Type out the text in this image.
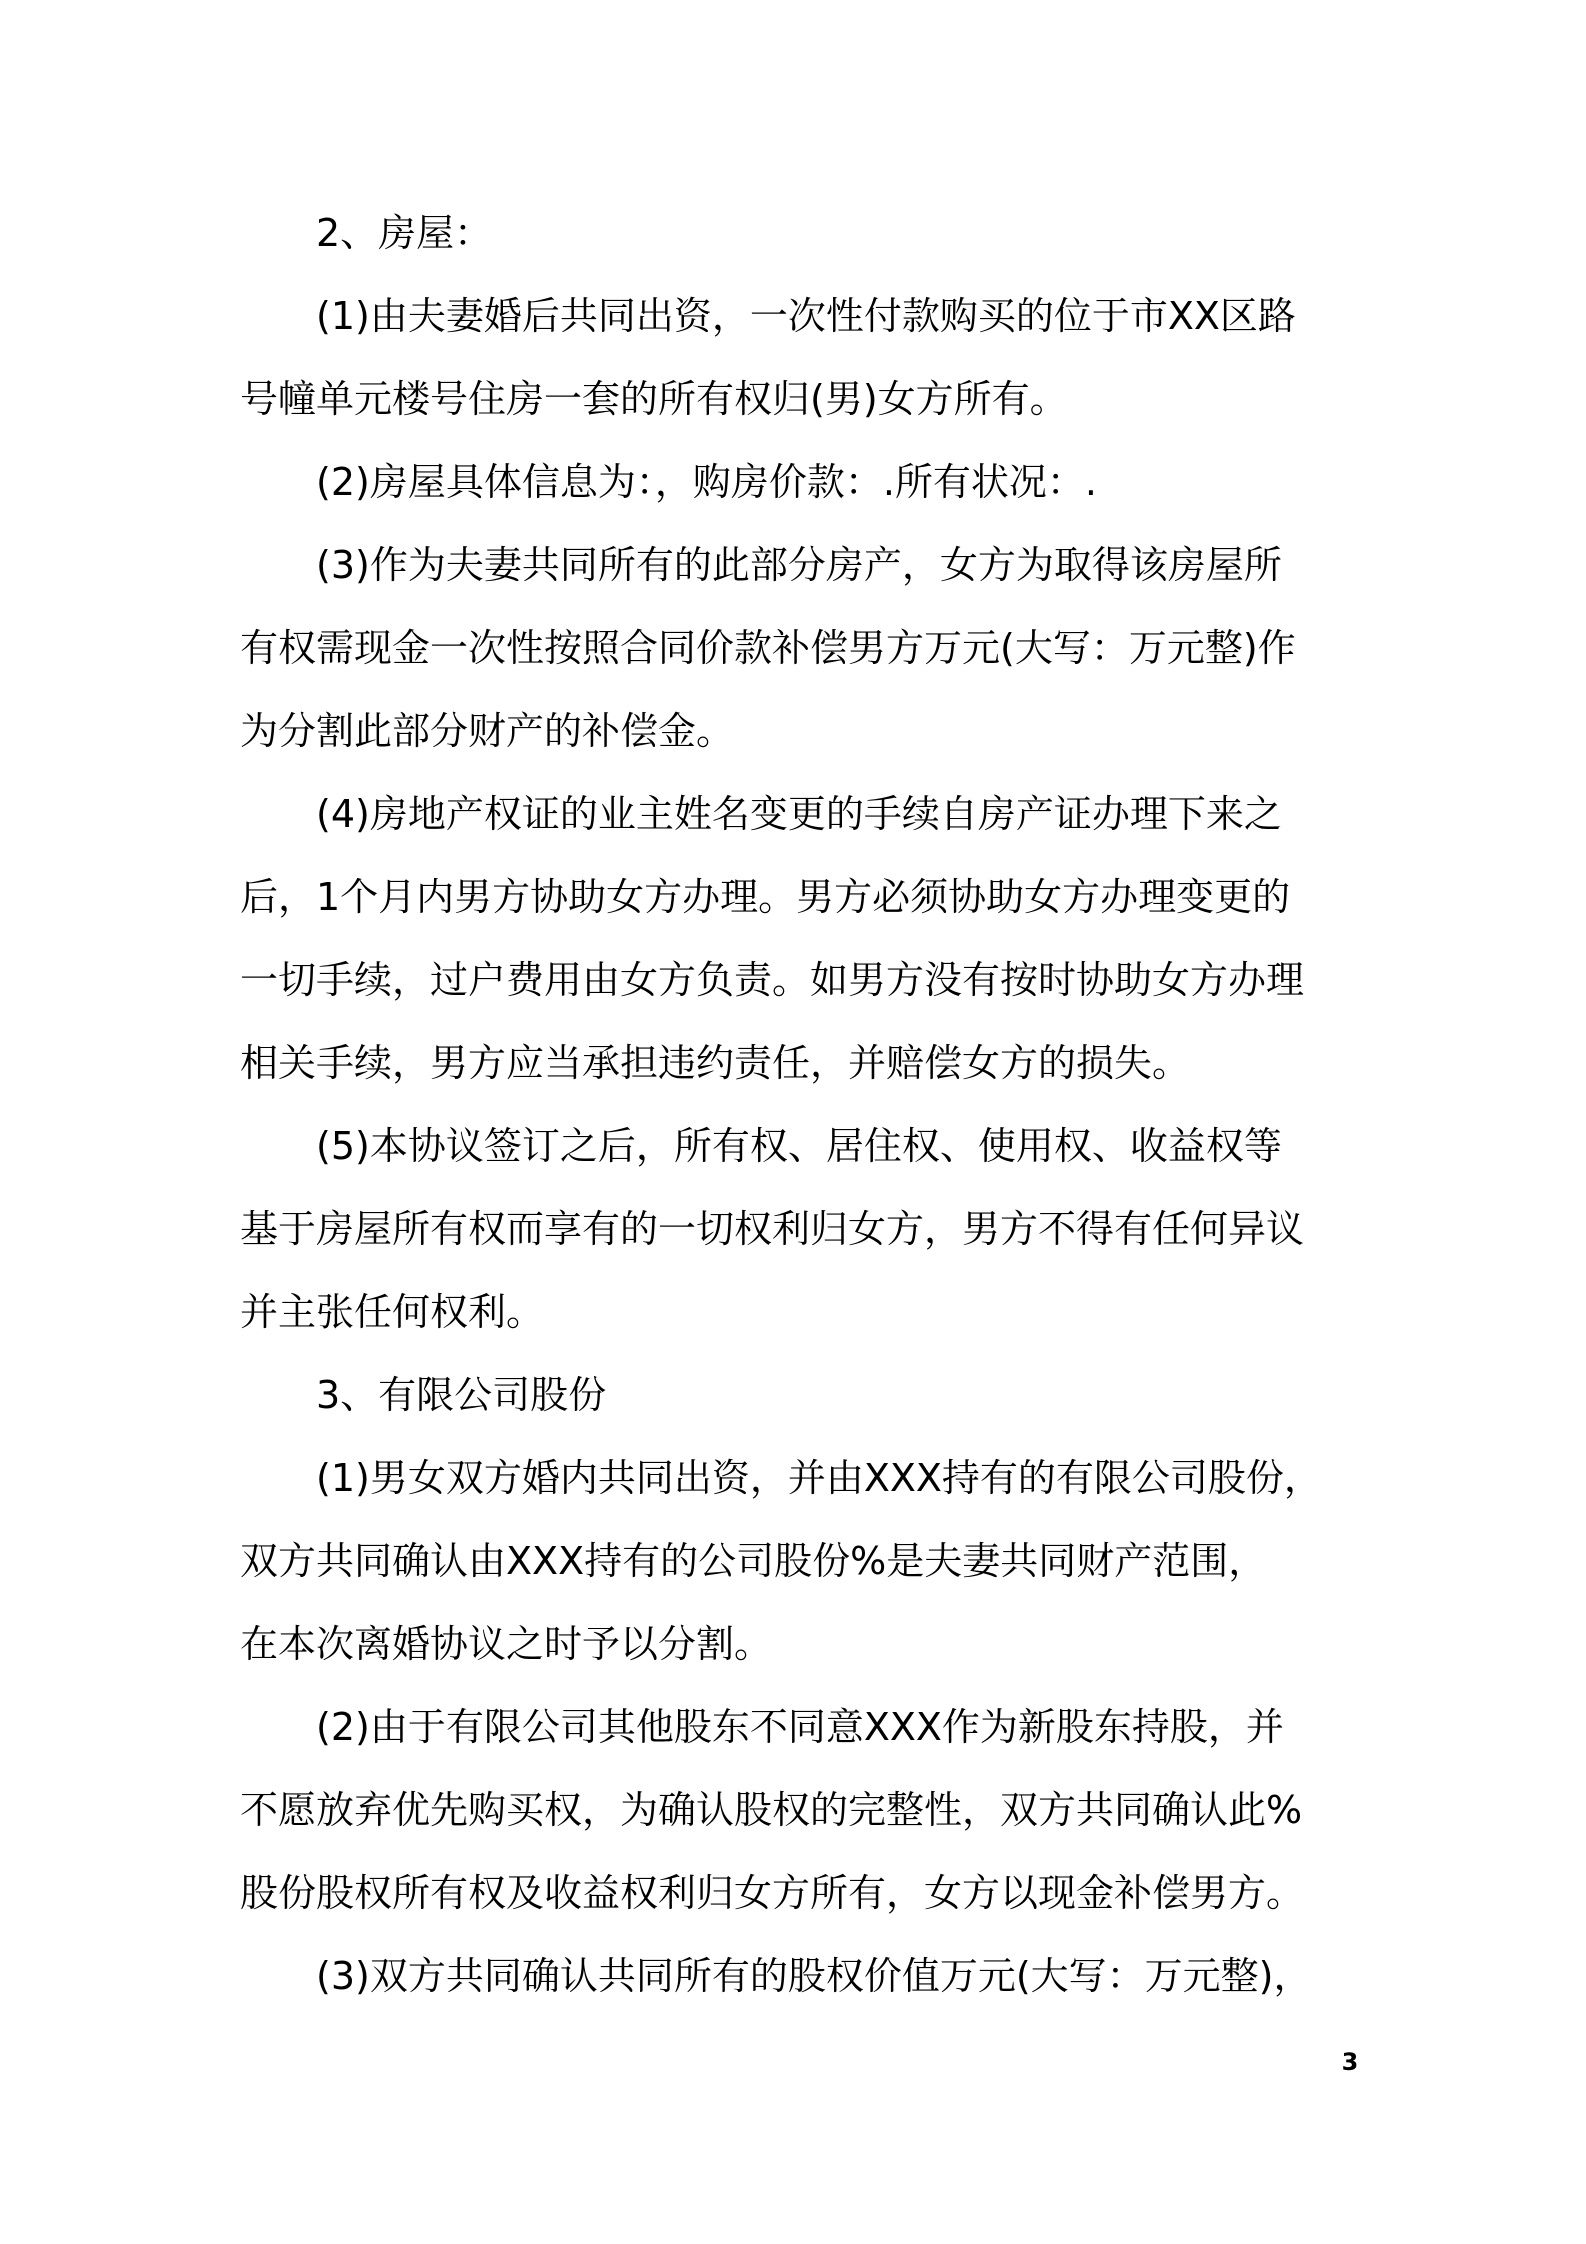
2、房屋：

(1)由夫妻婚后共同出资，一次性付款购买的位于市XX区路
号幢单元楼号住房一套的所有权归(男)女方所有。

(2)房屋具体信息为：，购房价款：.所有状况：.

(3)作为夫妻共同所有的此部分房产，女方为取得该房屋所
有权需现金一次性按照合同价款补偿男方万元(大写：万元整)作
为分割此部分财产的补偿金。

(4)房地产权证的业主姓名变更的手续自房产证办理下来之
后，1个月内男方协助女方办理。男方必须协助女方办理变更的
一切手续，过户费用由女方负责。如男方没有按时协助女方办理
相关手续，男方应当承担违约责任，并赔偿女方的损失。

(5)本协议签订之后，所有权、居住权、使用权、收益权等
基于房屋所有权而享有的一切权利归女方，男方不得有任何异议
并主张任何权利。

3、有限公司股份

(1)男女双方婚内共同出资，并由XXX持有的有限公司股份，
双方共同确认由XXX持有的公司股份%是夫妻共同财产范围，
在本次离婚协议之时予以分割。

(2)由于有限公司其他股东不同意XXX作为新股东持股，并
不愿放弃优先购买权，为确认股权的完整性，双方共同确认此%
股份股权所有权及收益权利归女方所有，女方以现金补偿男方。

(3)双方共同确认共同所有的股权价值万元(大写：万元整)，

3
